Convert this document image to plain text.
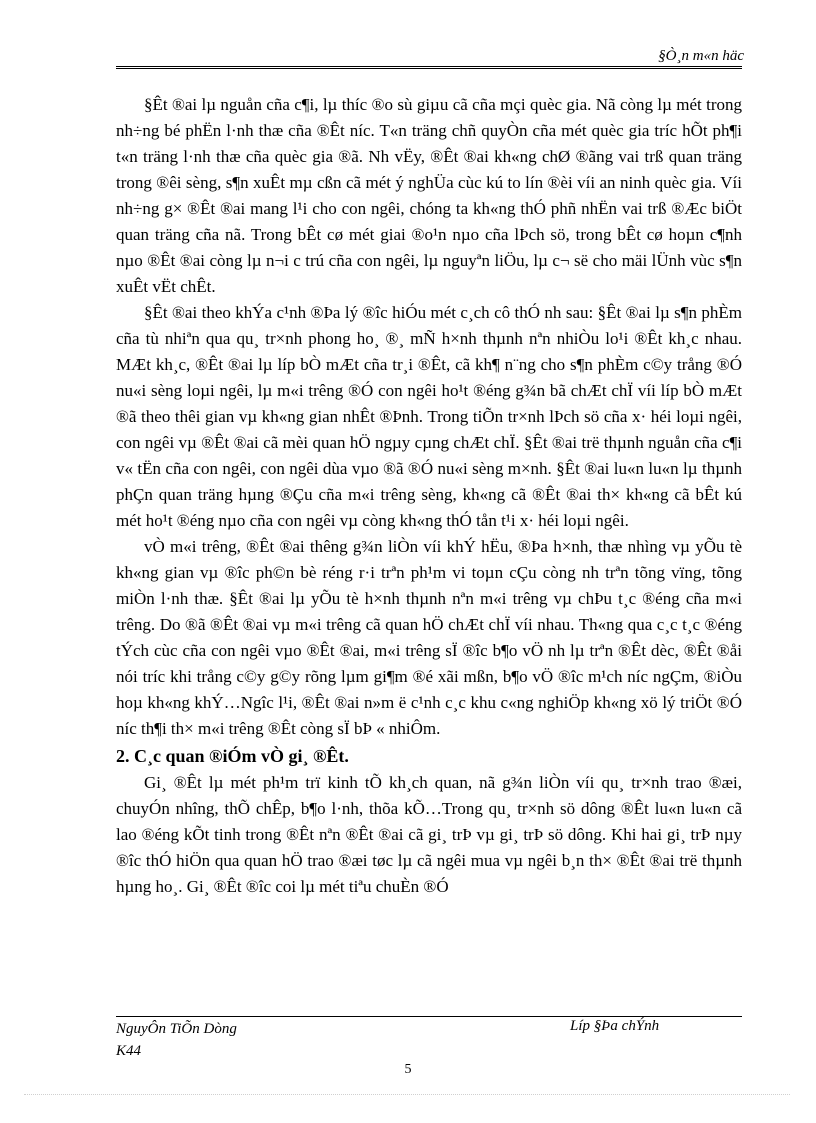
§Ò¸n m«n häc

§Êt ®ai lµ nguån cña c¶i, lµ thíc ®o sù giµu cã cña mçi quèc gia. Nã còng lµ mét trong nh÷ng bé phËn l·nh thæ cña ®Êt níc. T«n träng chñ quyÒn cña mét quèc gia tríc hÕt ph¶i t«n träng l·nh thæ cña quèc gia ®ã. Nh vËy, ®Êt ®ai kh«ng chØ ®ãng vai trß quan träng trong ®êi sèng, s¶n xuÊt mµ cßn cã mét ý nghÜa cùc kú to lín ®èi víi an ninh quèc gia. Víi nh÷ng g× ®Êt ®ai mang l¹i cho con ngêi, chóng ta kh«ng thÓ phñ nhËn vai trß ®Æc biÖt quan träng cña nã. Trong bÊt cø mét giai ®o¹n nµo cña lÞch sö, trong bÊt cø hoµn c¶nh nµo ®Êt ®ai còng lµ n¬i c trú cña con ngêi, lµ nguyªn liÖu, lµ c¬ së cho mäi lÜnh vùc s¶n xuÊt vËt chÊt.

§Êt ®ai theo khÝa c¹nh ®Þa lý ®îc hiÓu mét c¸ch cô thÓ nh sau: §Êt ®ai lµ s¶n phÈm cña tù nhiªn qua qu¸ tr×nh phong ho¸ ®¸ mÑ h×nh thµnh nªn nhiÒu lo¹i ®Êt kh¸c nhau. MÆt kh¸c, ®Êt ®ai lµ líp bÒ mÆt cña tr¸i ®Êt, cã kh¶ n¨ng cho s¶n phÈm c©y trång ®Ó nu«i sèng loµi ngêi, lµ m«i trêng ®Ó con ngêi ho¹t ®éng g¾n bã chÆt chÏ víi líp bÒ mÆt ®ã theo thêi gian vµ kh«ng gian nhÊt ®Þnh. Trong tiÕn tr×nh lÞch sö cña x· héi loµi ngêi, con ngêi vµ ®Êt ®ai cã mèi quan hÖ ngµy cµng chÆt chÏ. §Êt ®ai trë thµnh nguån cña c¶i v« tËn cña con ngêi, con ngêi dùa vµo ®ã ®Ó nu«i sèng m×nh. §Êt ®ai lu«n lu«n lµ thµnh phÇn quan träng hµng ®Çu cña m«i trêng sèng, kh«ng cã ®Êt ®ai th× kh«ng cã bÊt kú mét ho¹t ®éng nµo cña con ngêi vµ còng kh«ng thÓ tån t¹i x· héi loµi ngêi.

vÒ m«i trêng, ®Êt ®ai thêng g¾n liÒn víi khÝ hËu, ®Þa h×nh, thæ nhìng vµ yÕu tè kh«ng gian vµ ®îc ph©n bè réng r·i trªn ph¹m vi toµn cÇu còng nh trªn tõng vïng, tõng miÒn l·nh thæ. §Êt ®ai lµ yÕu tè h×nh thµnh nªn m«i trêng vµ chÞu t¸c ®éng cña m«i trêng. Do ®ã ®Êt ®ai vµ m«i trêng cã quan hÖ chÆt chÏ víi nhau. Th«ng qua c¸c t¸c ®éng tÝch cùc cña con ngêi vµo ®Êt ®ai, m«i trêng sÏ ®îc b¶o vÖ nh lµ trªn ®Êt dèc, ®Êt ®åi nói tríc khi trång c©y g©y rõng lµm gi¶m ®é xãi mßn, b¶o vÖ ®îc m¹ch níc ngÇm, ®iÒu hoµ kh«ng khÝ…Ngîc l¹i, ®Êt ®ai n»m ë c¹nh c¸c khu c«ng nghiÖp kh«ng xö lý triÖt ®Ó níc th¶i th× m«i trêng ®Êt còng sÏ bÞ « nhiÔm.

2. C¸c quan ®iÓm vÒ gi¸ ®Êt.

Gi¸ ®Êt lµ mét ph¹m trï kinh tÕ kh¸ch quan, nã g¾n liÒn víi qu¸ tr×nh trao ®æi, chuyÓn nhîng, thÕ chÊp, b¶o l·nh, thõa kÕ…Trong qu¸ tr×nh sö dông ®Êt lu«n lu«n cã lao ®éng kÕt tinh trong ®Êt nªn ®Êt ®ai cã gi¸ trÞ vµ gi¸ trÞ sö dông. Khi hai gi¸ trÞ nµy ®îc thÓ hiÖn qua quan hÖ trao ®æi tøc lµ cã ngêi mua vµ ngêi b¸n th× ®Êt ®ai trë thµnh hµng ho¸. Gi¸ ®Êt ®îc coi lµ mét tiªu chuÈn ®Ó

NguyÔn TiÕn Dòng
K44
Líp §Þa chÝnh
5
